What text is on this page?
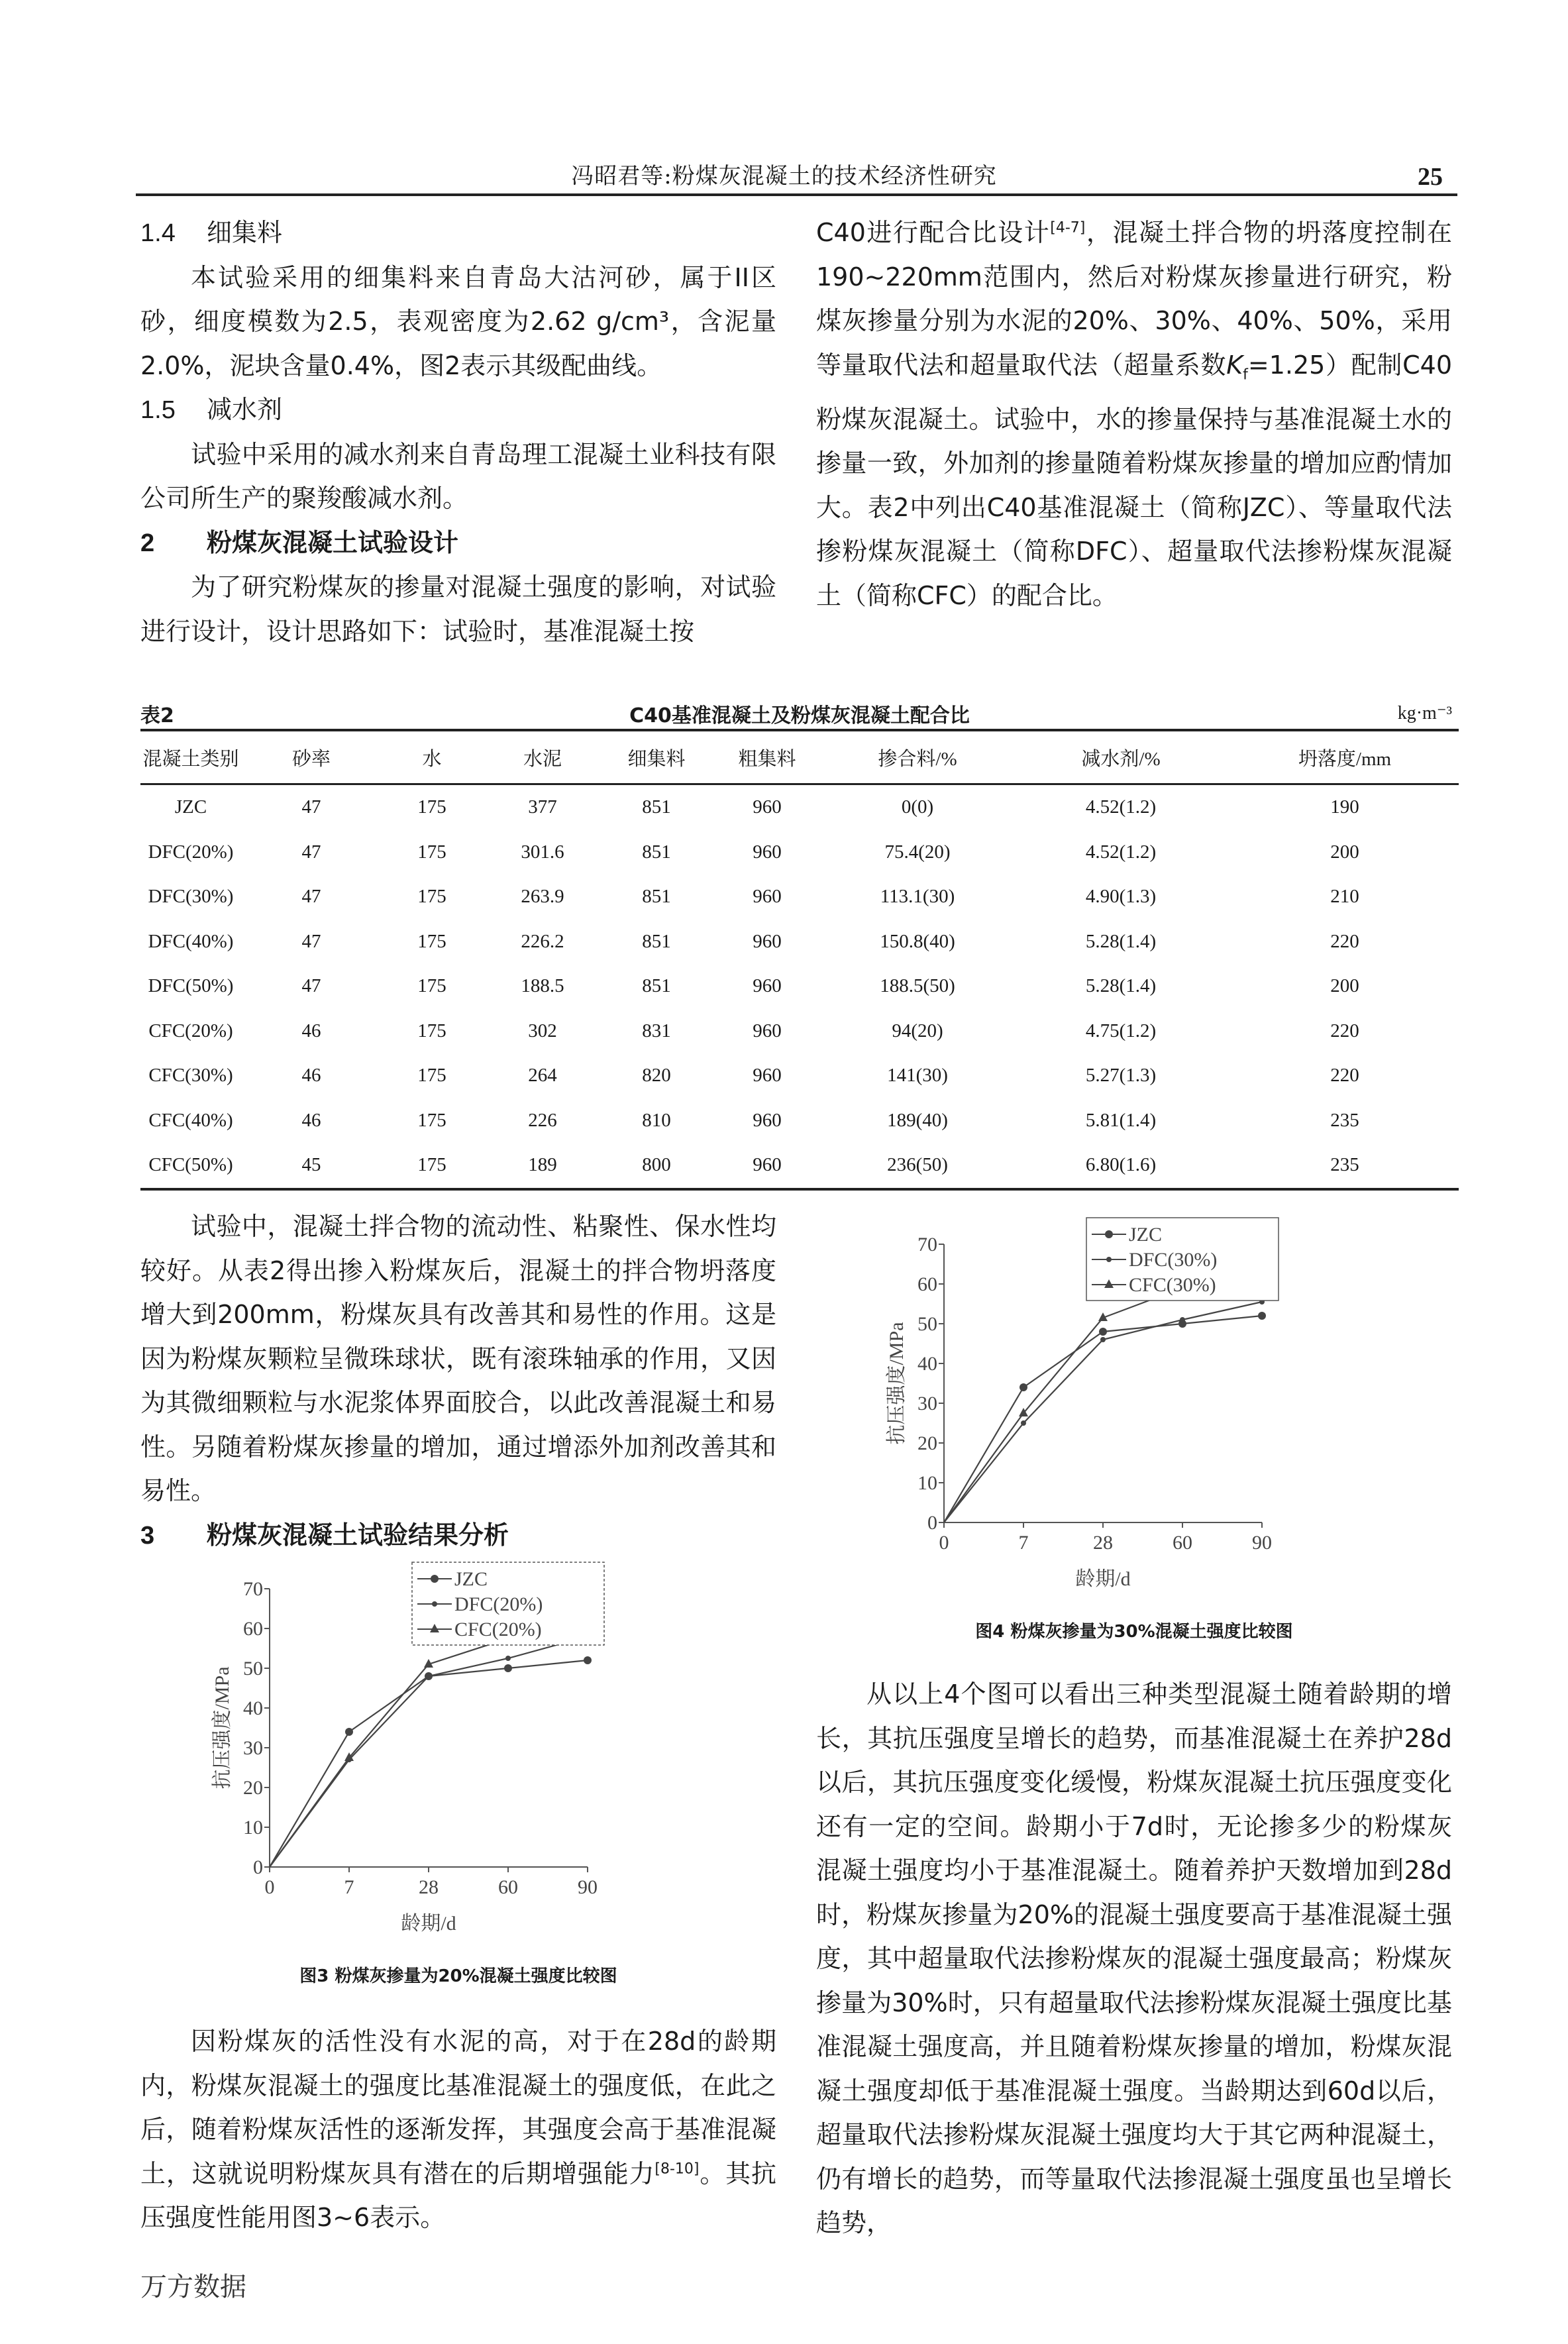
冯昭君等:粉煤灰混凝土的技术经济性研究	25

1.4 细集料

本试验采用的细集料来自青岛大沽河砂，属于II区砂，细度模数为2.5，表观密度为2.62 g/cm³，含泥量2.0%，泥块含量0.4%，图2表示其级配曲线。

1.5 减水剂

试验中采用的减水剂来自青岛理工混凝土业科技有限公司所生产的聚羧酸减水剂。

2 粉煤灰混凝土试验设计

为了研究粉煤灰的掺量对混凝土强度的影响，对试验进行设计，设计思路如下：试验时，基准混凝土按

C40进行配合比设计[4-7]，混凝土拌合物的坍落度控制在190~220mm范围内，然后对粉煤灰掺量进行研究，粉煤灰掺量分别为水泥的20%、30%、40%、50%，采用等量取代法和超量取代法（超量系数$K_f=1.25$）配制C40粉煤灰混凝土。试验中，水的掺量保持与基准混凝土水的掺量一致，外加剂的掺量随着粉煤灰掺量的增加应酌情加大。表2中列出C40基准混凝土（简称JZC）、等量取代法掺粉煤灰混凝土（简称DFC）、超量取代法掺粉煤灰混凝土（简称CFC）的配合比。

表2	C40基准混凝土及粉煤灰混凝土配合比	kg·m⁻³
混凝土类别	砂率	水	水泥	细集料	粗集料	掺合料/%	减水剂/%	坍落度/mm
JZC	47	175	377	851	960	0(0)	4.52(1.2)	190
DFC(20%)	47	175	301.6	851	960	75.4(20)	4.52(1.2)	200
DFC(30%)	47	175	263.9	851	960	113.1(30)	4.90(1.3)	210
DFC(40%)	47	175	226.2	851	960	150.8(40)	5.28(1.4)	220
DFC(50%)	47	175	188.5	851	960	188.5(50)	5.28(1.4)	200
CFC(20%)	46	175	302	831	960	94(20)	4.75(1.2)	220
CFC(30%)	46	175	264	820	960	141(30)	5.27(1.3)	220
CFC(40%)	46	175	226	810	960	189(40)	5.81(1.4)	235
CFC(50%)	45	175	189	800	960	236(50)	6.80(1.6)	235

试验中，混凝土拌合物的流动性、粘聚性、保水性均较好。从表2得出掺入粉煤灰后，混凝土的拌合物坍落度增大到200mm，粉煤灰具有改善其和易性的作用。这是因为粉煤灰颗粒呈微珠球状，既有滚珠轴承的作用，又因为其微细颗粒与水泥浆体界面胶合，以此改善混凝土和易性。另随着粉煤灰掺量的增加，通过增添外加剂改善其和易性。

3 粉煤灰混凝土试验结果分析	0
10
20
30
40
50
60
70
0	7	28	60	90
龄期/d
抗压强度/MPa
JZC
DFC(30%)
CFC(30%)
图4 粉煤灰掺量为30%混凝土强度比较图
0
10
20
30
40
50
60
70
0	7	28	60	90
龄期/d
抗压强度/MPa
JZC
DFC(20%)
CFC(20%)
图3 粉煤灰掺量为20%混凝土强度比较图

因粉煤灰的活性没有水泥的高，对于在28d的龄期内，粉煤灰混凝土的强度比基准混凝土的强度低，在此之后，随着粉煤灰活性的逐渐发挥，其强度会高于基准混凝土，这就说明粉煤灰具有潜在的后期增强能力[8-10]。其抗压强度性能用图3~6表示。

从以上4个图可以看出三种类型混凝土随着龄期的增长，其抗压强度呈增长的趋势，而基准混凝土在养护28d以后，其抗压强度变化缓慢，粉煤灰混凝土抗压强度变化还有一定的空间。龄期小于7d时，无论掺多少的粉煤灰混凝土强度均小于基准混凝土。随着养护天数增加到28d时，粉煤灰掺量为20%的混凝土强度要高于基准混凝土强度，其中超量取代法掺粉煤灰的混凝土强度最高；粉煤灰掺量为30%时，只有超量取代法掺粉煤灰混凝土强度比基准混凝土强度高，并且随着粉煤灰掺量的增加，粉煤灰混凝土强度却低于基准混凝土强度。当龄期达到60d以后，超量取代法掺粉煤灰混凝土强度均大于其它两种混凝土，仍有增长的趋势，而等量取代法掺混凝土强度虽也呈增长趋势，

万方数据
